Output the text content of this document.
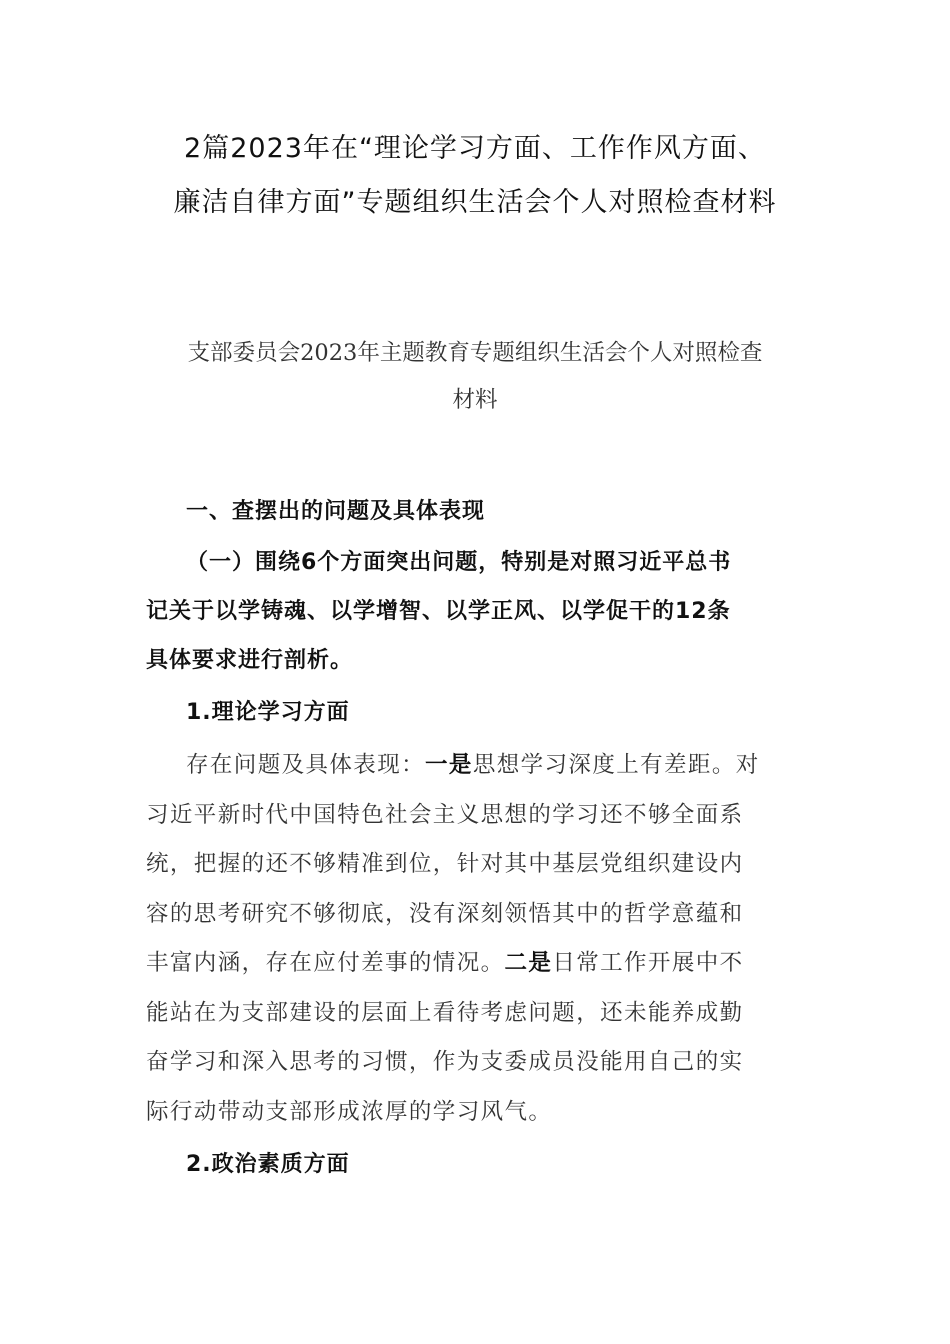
2篇2023年在“理论学习方面、工作作风方面、
廉洁自律方面”专题组织生活会个人对照检查材料
支部委员会2023年主题教育专题组织生活会个人对照检查
材料
一、查摆出的问题及具体表现
（一）围绕6个方面突出问题，特别是对照习近平总书
记关于以学铸魂、以学增智、以学正风、以学促干的12条
具体要求进行剖析。
1.理论学习方面
存在问题及具体表现：一是思想学习深度上有差距。对
习近平新时代中国特色社会主义思想的学习还不够全面系
统，把握的还不够精准到位，针对其中基层党组织建设内
容的思考研究不够彻底，没有深刻领悟其中的哲学意蕴和
丰富内涵，存在应付差事的情况。二是日常工作开展中不
能站在为支部建设的层面上看待考虑问题，还未能养成勤
奋学习和深入思考的习惯，作为支委成员没能用自己的实
际行动带动支部形成浓厚的学习风气。
2.政治素质方面
